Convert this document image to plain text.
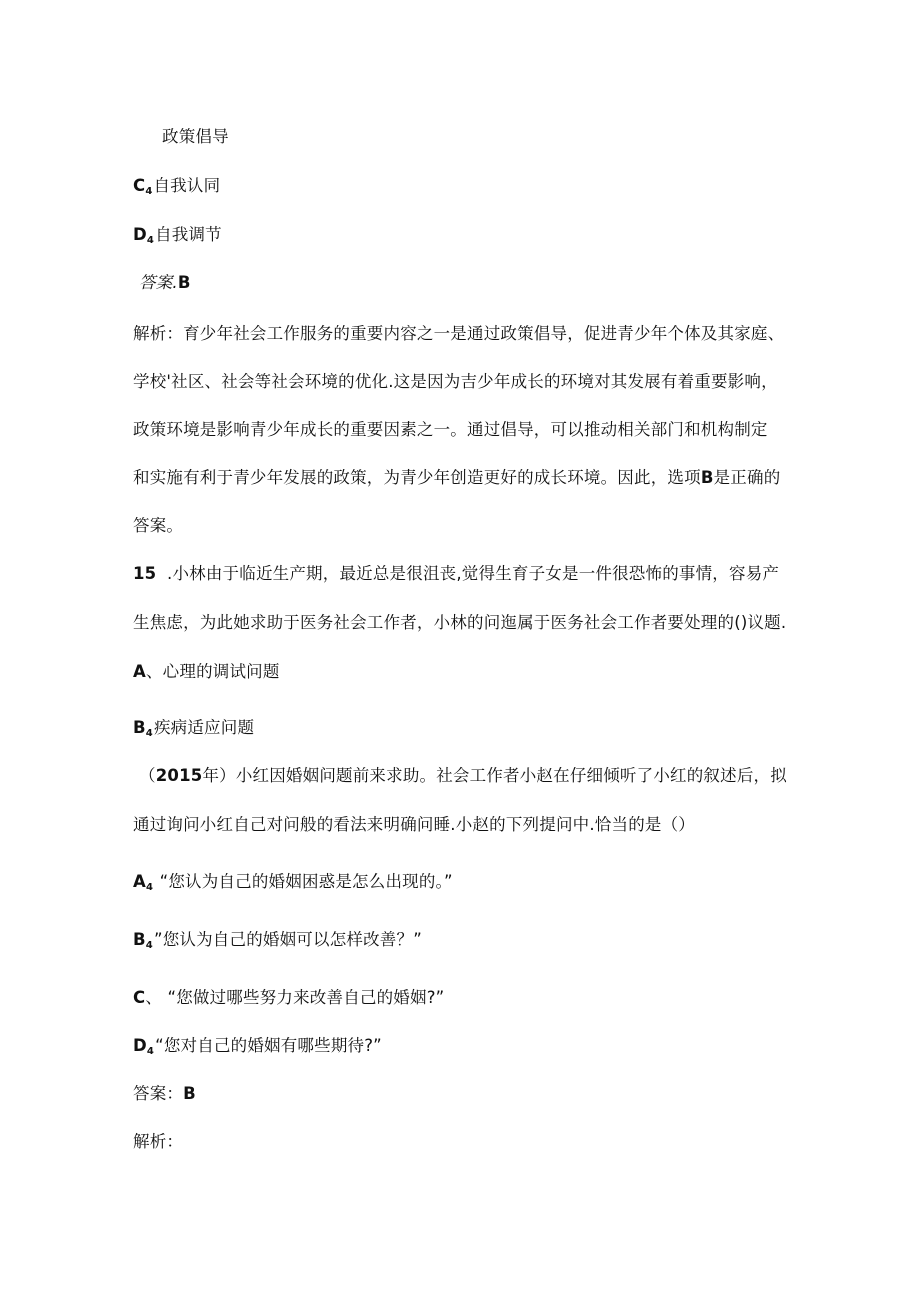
政策倡导
C4自我认同
D4自我调节
答案.B
解析：育少年社会工作服务的重要内容之一是通过政策倡导，促进青少年个体及其家庭、
学校'社区、社会等社会环境的优化.这是因为吉少年成长的环境对其发展有着重要影响，
政策环境是影响青少年成长的重要因素之一。通过倡导，可以推动相关部门和机构制定
和实施有利于青少年发展的政策，为青少年创造更好的成长环境。因此，选项B是正确的
答案。
15 .小林由于临近生产期，最近总是很沮丧,觉得生育子女是一件很恐怖的事情，容易产
生焦虑，为此她求助于医务社会工作者，小林的问迤属于医务社会工作者要处理的()议题.
A、心理的调试问题
B4疾病适应问题
（2015年）小红因婚姻问题前来求助。社会工作者小赵在仔细倾听了小红的叙述后，拟
通过询问小红自己对问般的看法来明确问睡.小赵的下列提问中.恰当的是（）
A4 “您认为自己的婚姻困惑是怎么出现的。”
B4”您认为自己的婚姻可以怎样改善？”
C、 “您做过哪些努力来改善自己的婚姻?”
D4“您对自己的婚姻有哪些期待?”
答案：B
解析：
